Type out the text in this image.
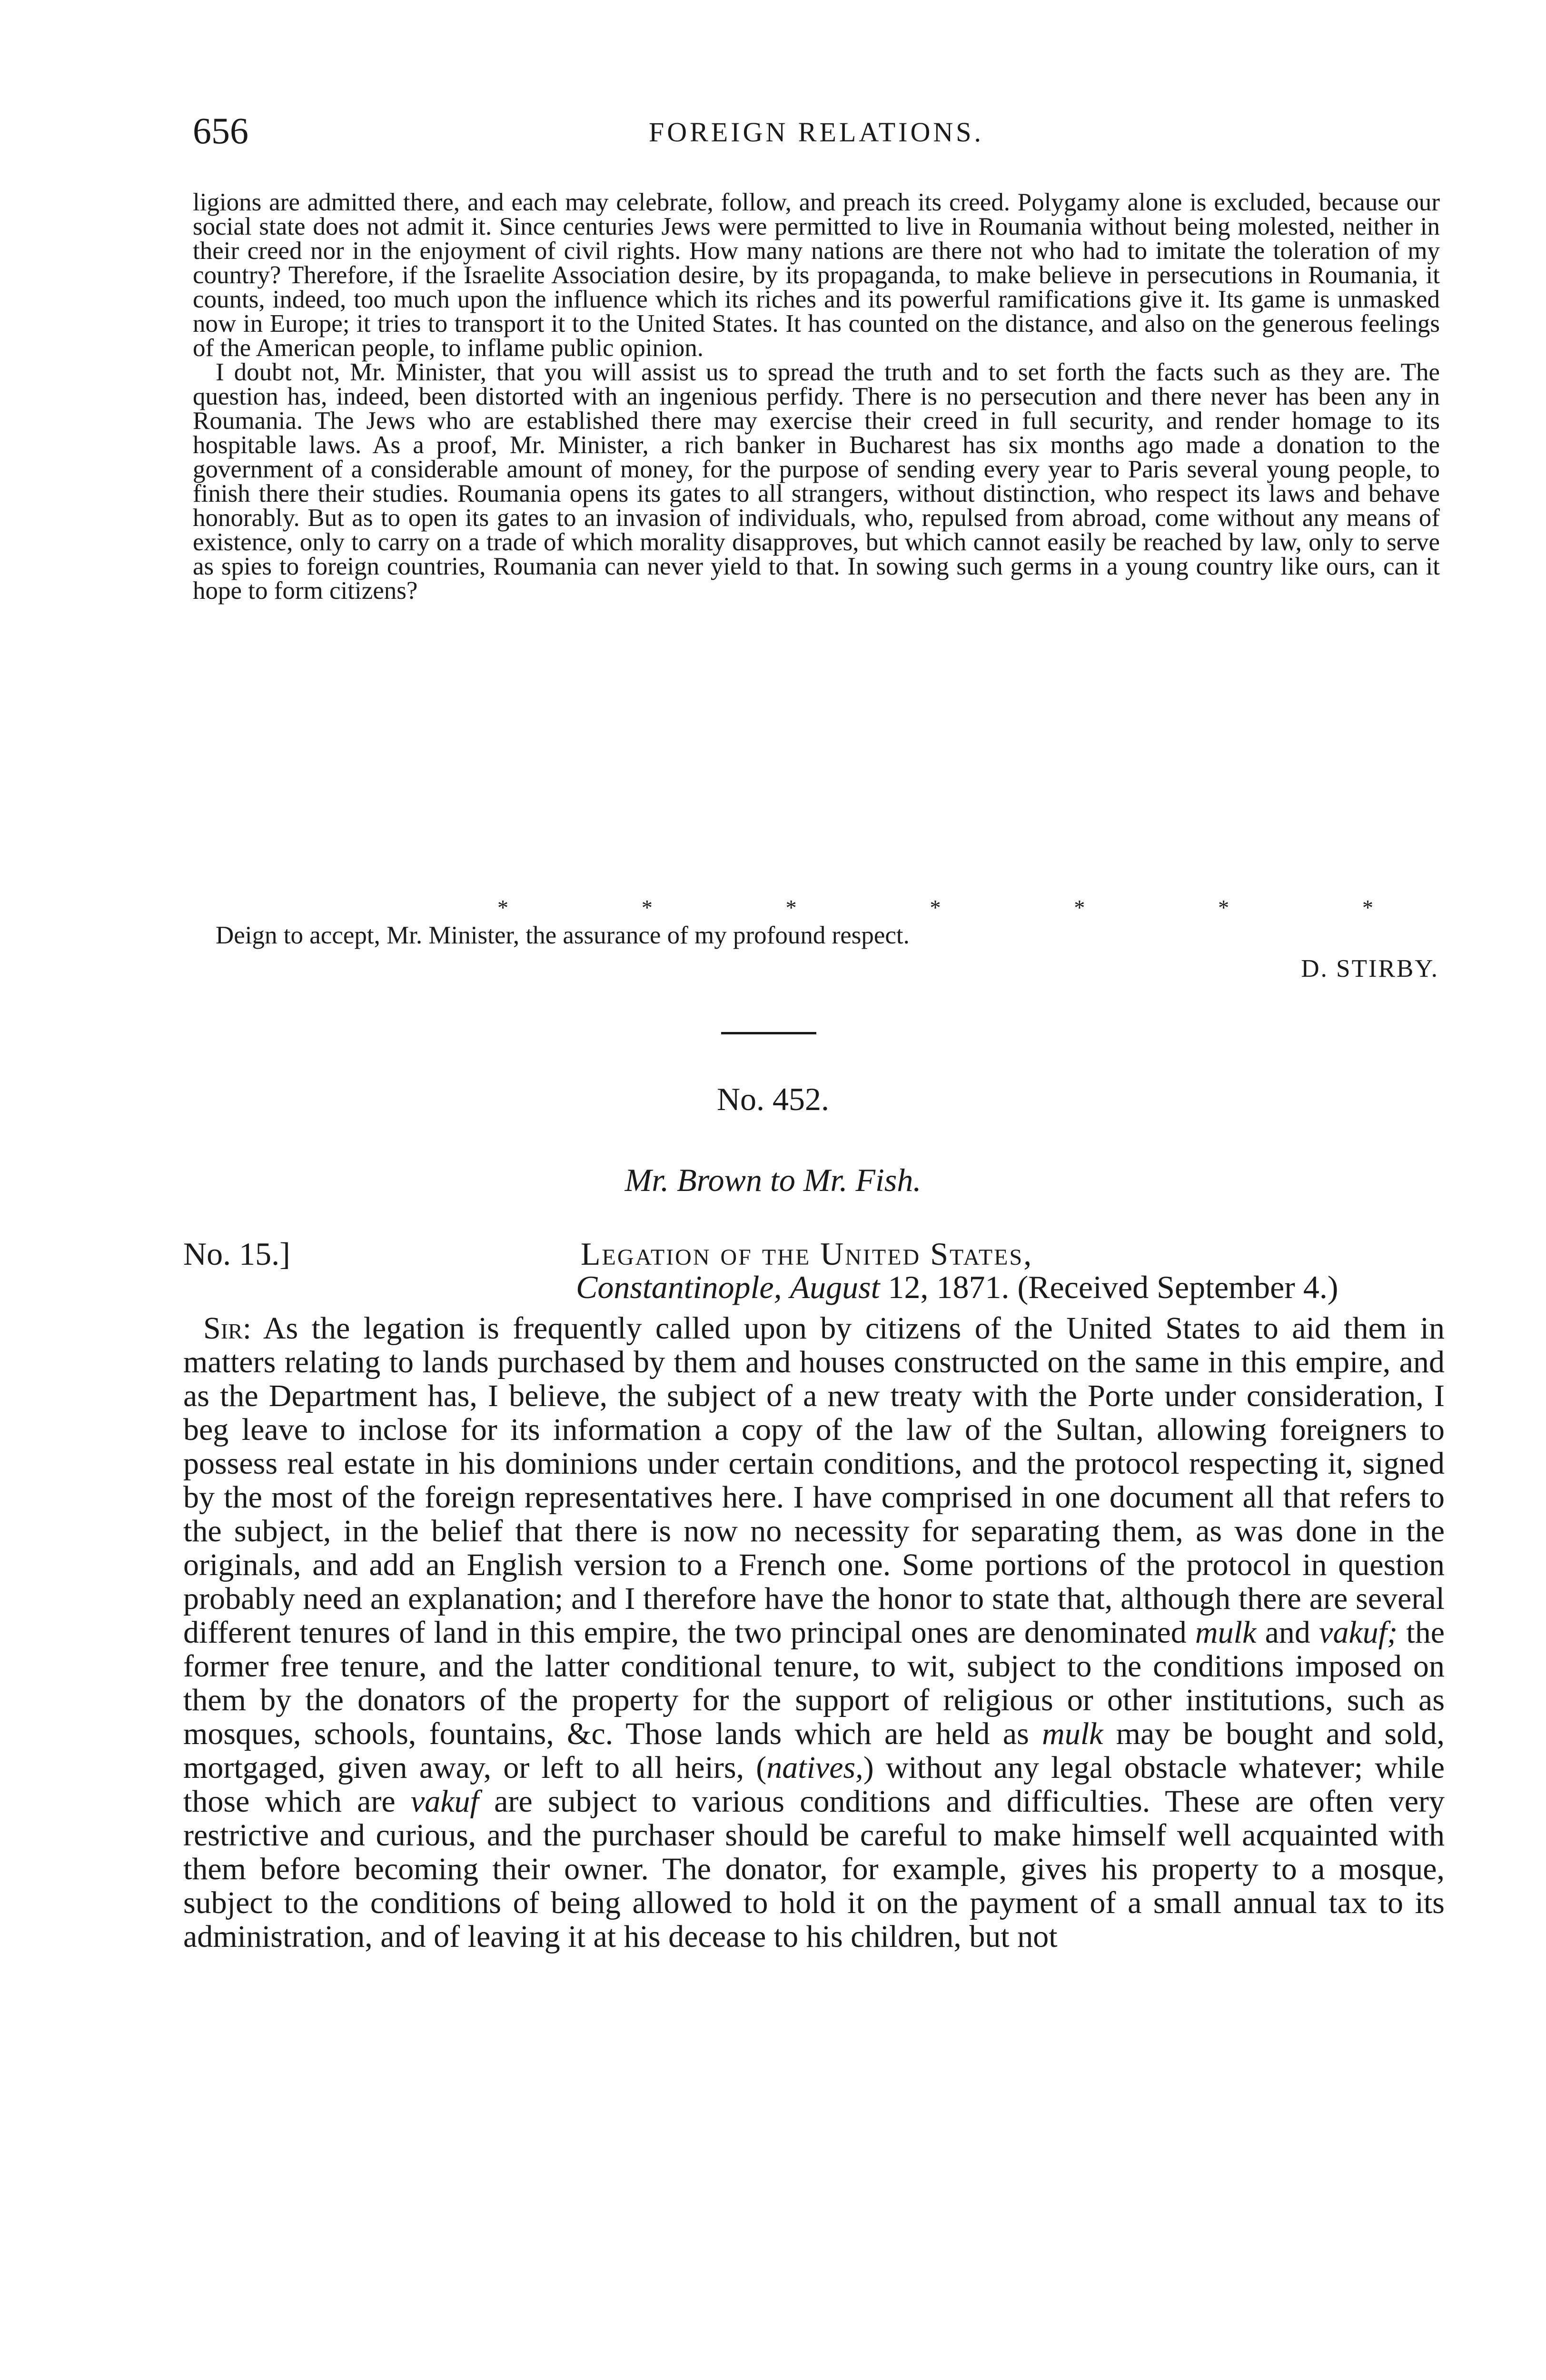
656	FOREIGN RELATIONS.

ligions are admitted there, and each may celebrate, follow, and preach its creed. Polygamy alone is excluded, because our social state does not admit it. Since centuries Jews were permitted to live in Roumania without being molested, neither in their creed nor in the enjoyment of civil rights. How many nations are there not who had to imitate the toleration of my country? Therefore, if the Israelite Association desire, by its propaganda, to make believe in persecutions in Roumania, it counts, indeed, too much upon the influence which its riches and its powerful ramifications give it. Its game is unmasked now in Europe; it tries to transport it to the United States. It has counted on the distance, and also on the generous feelings of the American people, to inflame public opinion.

I doubt not, Mr. Minister, that you will assist us to spread the truth and to set forth the facts such as they are. The question has, indeed, been distorted with an ingenious perfidy. There is no persecution and there never has been any in Roumania. The Jews who are established there may exercise their creed in full security, and render homage to its hospitable laws. As a proof, Mr. Minister, a rich banker in Bucharest has six months ago made a donation to the government of a considerable amount of money, for the purpose of sending every year to Paris several young people, to finish there their studies. Roumania opens its gates to all strangers, without distinction, who respect its laws and behave honorably. But as to open its gates to an invasion of individuals, who, repulsed from abroad, come without any means of existence, only to carry on a trade of which morality disapproves, but which cannot easily be reached by law, only to serve as spies to foreign countries, Roumania can never yield to that. In sowing such germs in a young country like ours, can it hope to form citizens?

*	*	*	*	*	*	*
Deign to accept, Mr. Minister, the assurance of my profound respect.
D. STIRBY.
No. 452.
Mr. Brown to Mr. Fish.
No. 15.]	Legation of the United States,
Constantinople, August 12, 1871. (Received September 4.)

Sir: As the legation is frequently called upon by citizens of the United States to aid them in matters relating to lands purchased by them and houses constructed on the same in this empire, and as the Department has, I believe, the subject of a new treaty with the Porte under consideration, I beg leave to inclose for its information a copy of the law of the Sultan, allowing foreigners to possess real estate in his dominions under certain conditions, and the protocol respecting it, signed by the most of the foreign representatives here. I have comprised in one document all that refers to the subject, in the belief that there is now no necessity for separating them, as was done in the originals, and add an English version to a French one. Some portions of the protocol in question probably need an explanation; and I therefore have the honor to state that, although there are several different tenures of land in this empire, the two principal ones are denominated mulk and vakuf; the former free tenure, and the latter conditional tenure, to wit, subject to the conditions imposed on them by the donators of the property for the support of religious or other institutions, such as mosques, schools, fountains, &c. Those lands which are held as mulk may be bought and sold, mortgaged, given away, or left to all heirs, (natives,) without any legal obstacle whatever; while those which are vakuf are subject to various conditions and difficulties. These are often very restrictive and curious, and the purchaser should be careful to make himself well acquainted with them before becoming their owner. The donator, for example, gives his property to a mosque, subject to the conditions of being allowed to hold it on the payment of a small annual tax to its administration, and of leaving it at his decease to his children, but not
